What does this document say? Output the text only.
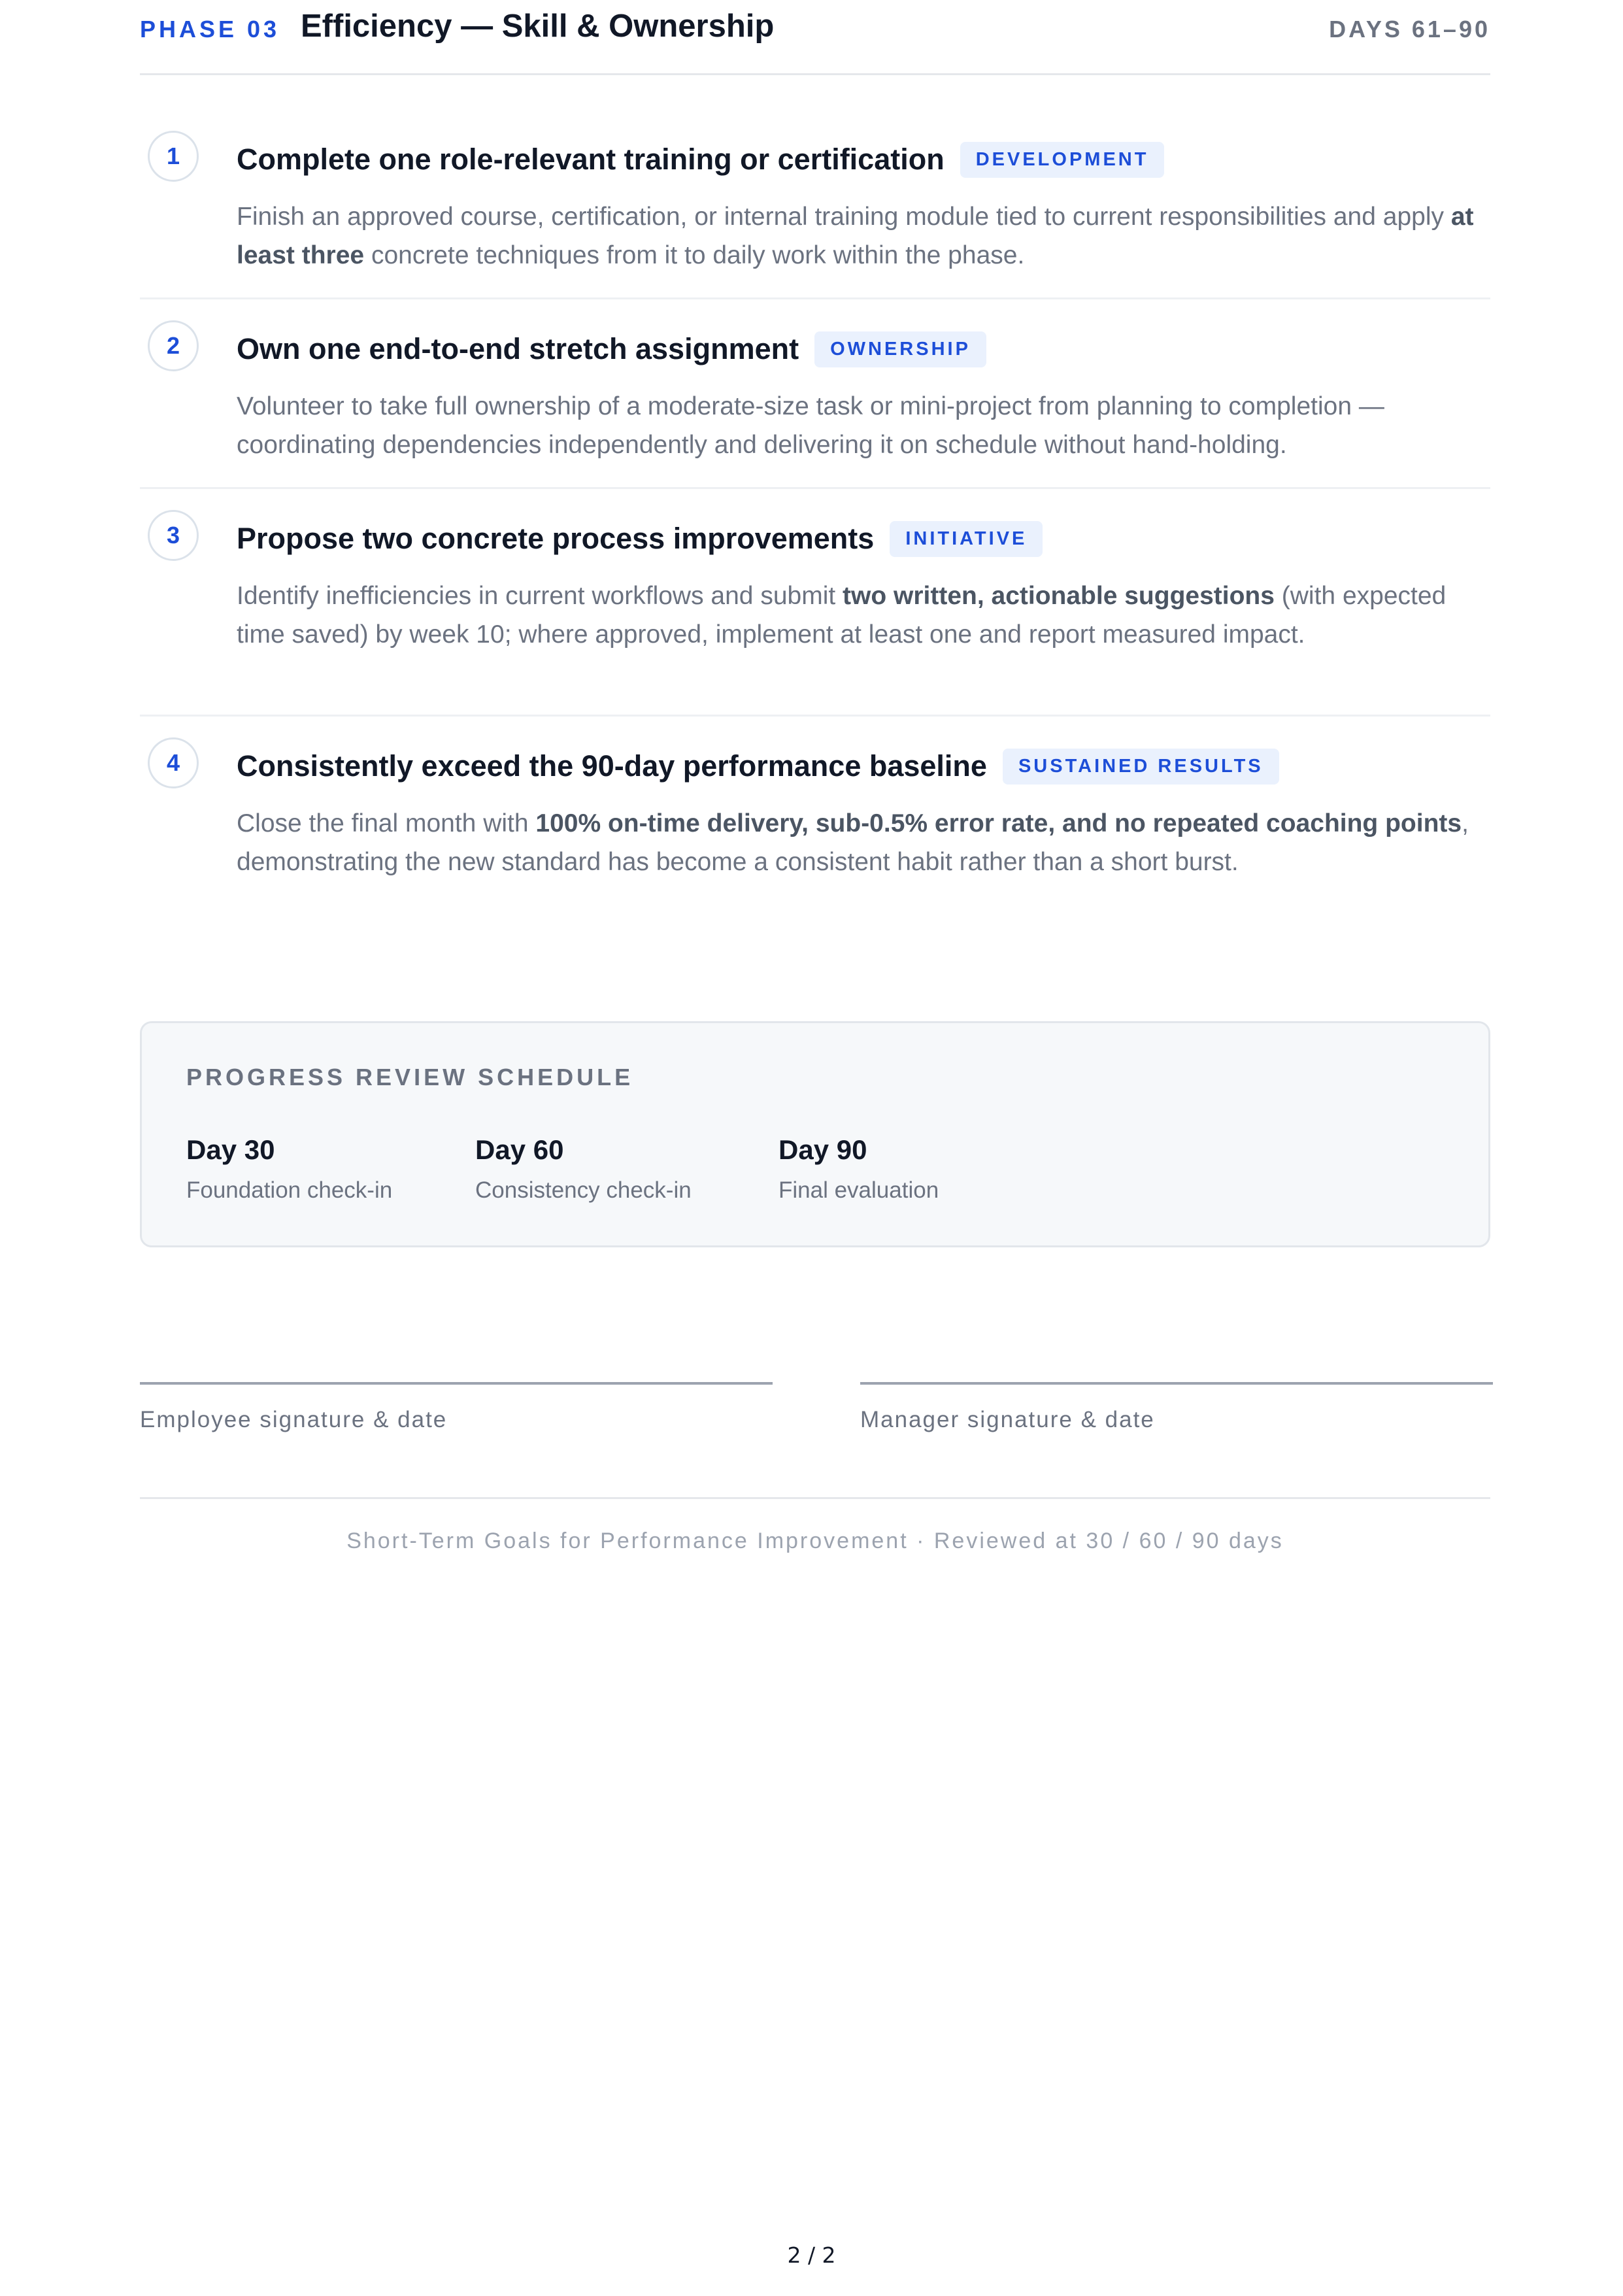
PHASE 03 Efficiency — Skill & Ownership	DAYS 61–90
1	Complete one role-relevant training or certification	DEVELOPMENT
Finish an approved course, certification, or internal training module tied to current responsibilities and apply at least three concrete techniques from it to daily work within the phase.
2	Own one end-to-end stretch assignment	OWNERSHIP
Volunteer to take full ownership of a moderate-size task or mini-project from planning to completion — coordinating dependencies independently and delivering it on schedule without hand-holding.
3	Propose two concrete process improvements	INITIATIVE
Identify inefficiencies in current workflows and submit two written, actionable suggestions (with expected time saved) by week 10; where approved, implement at least one and report measured impact.
4	Consistently exceed the 90-day performance baseline	SUSTAINED RESULTS
Close the final month with 100% on-time delivery, sub-0.5% error rate, and no repeated coaching points, demonstrating the new standard has become a consistent habit rather than a short burst.
PROGRESS REVIEW SCHEDULE
Day 30
Foundation check-in
Day 60
Consistency check-in
Day 90
Final evaluation
Employee signature & date	Manager signature & date
Short-Term Goals for Performance Improvement · Reviewed at 30 / 60 / 90 days
2 / 2
